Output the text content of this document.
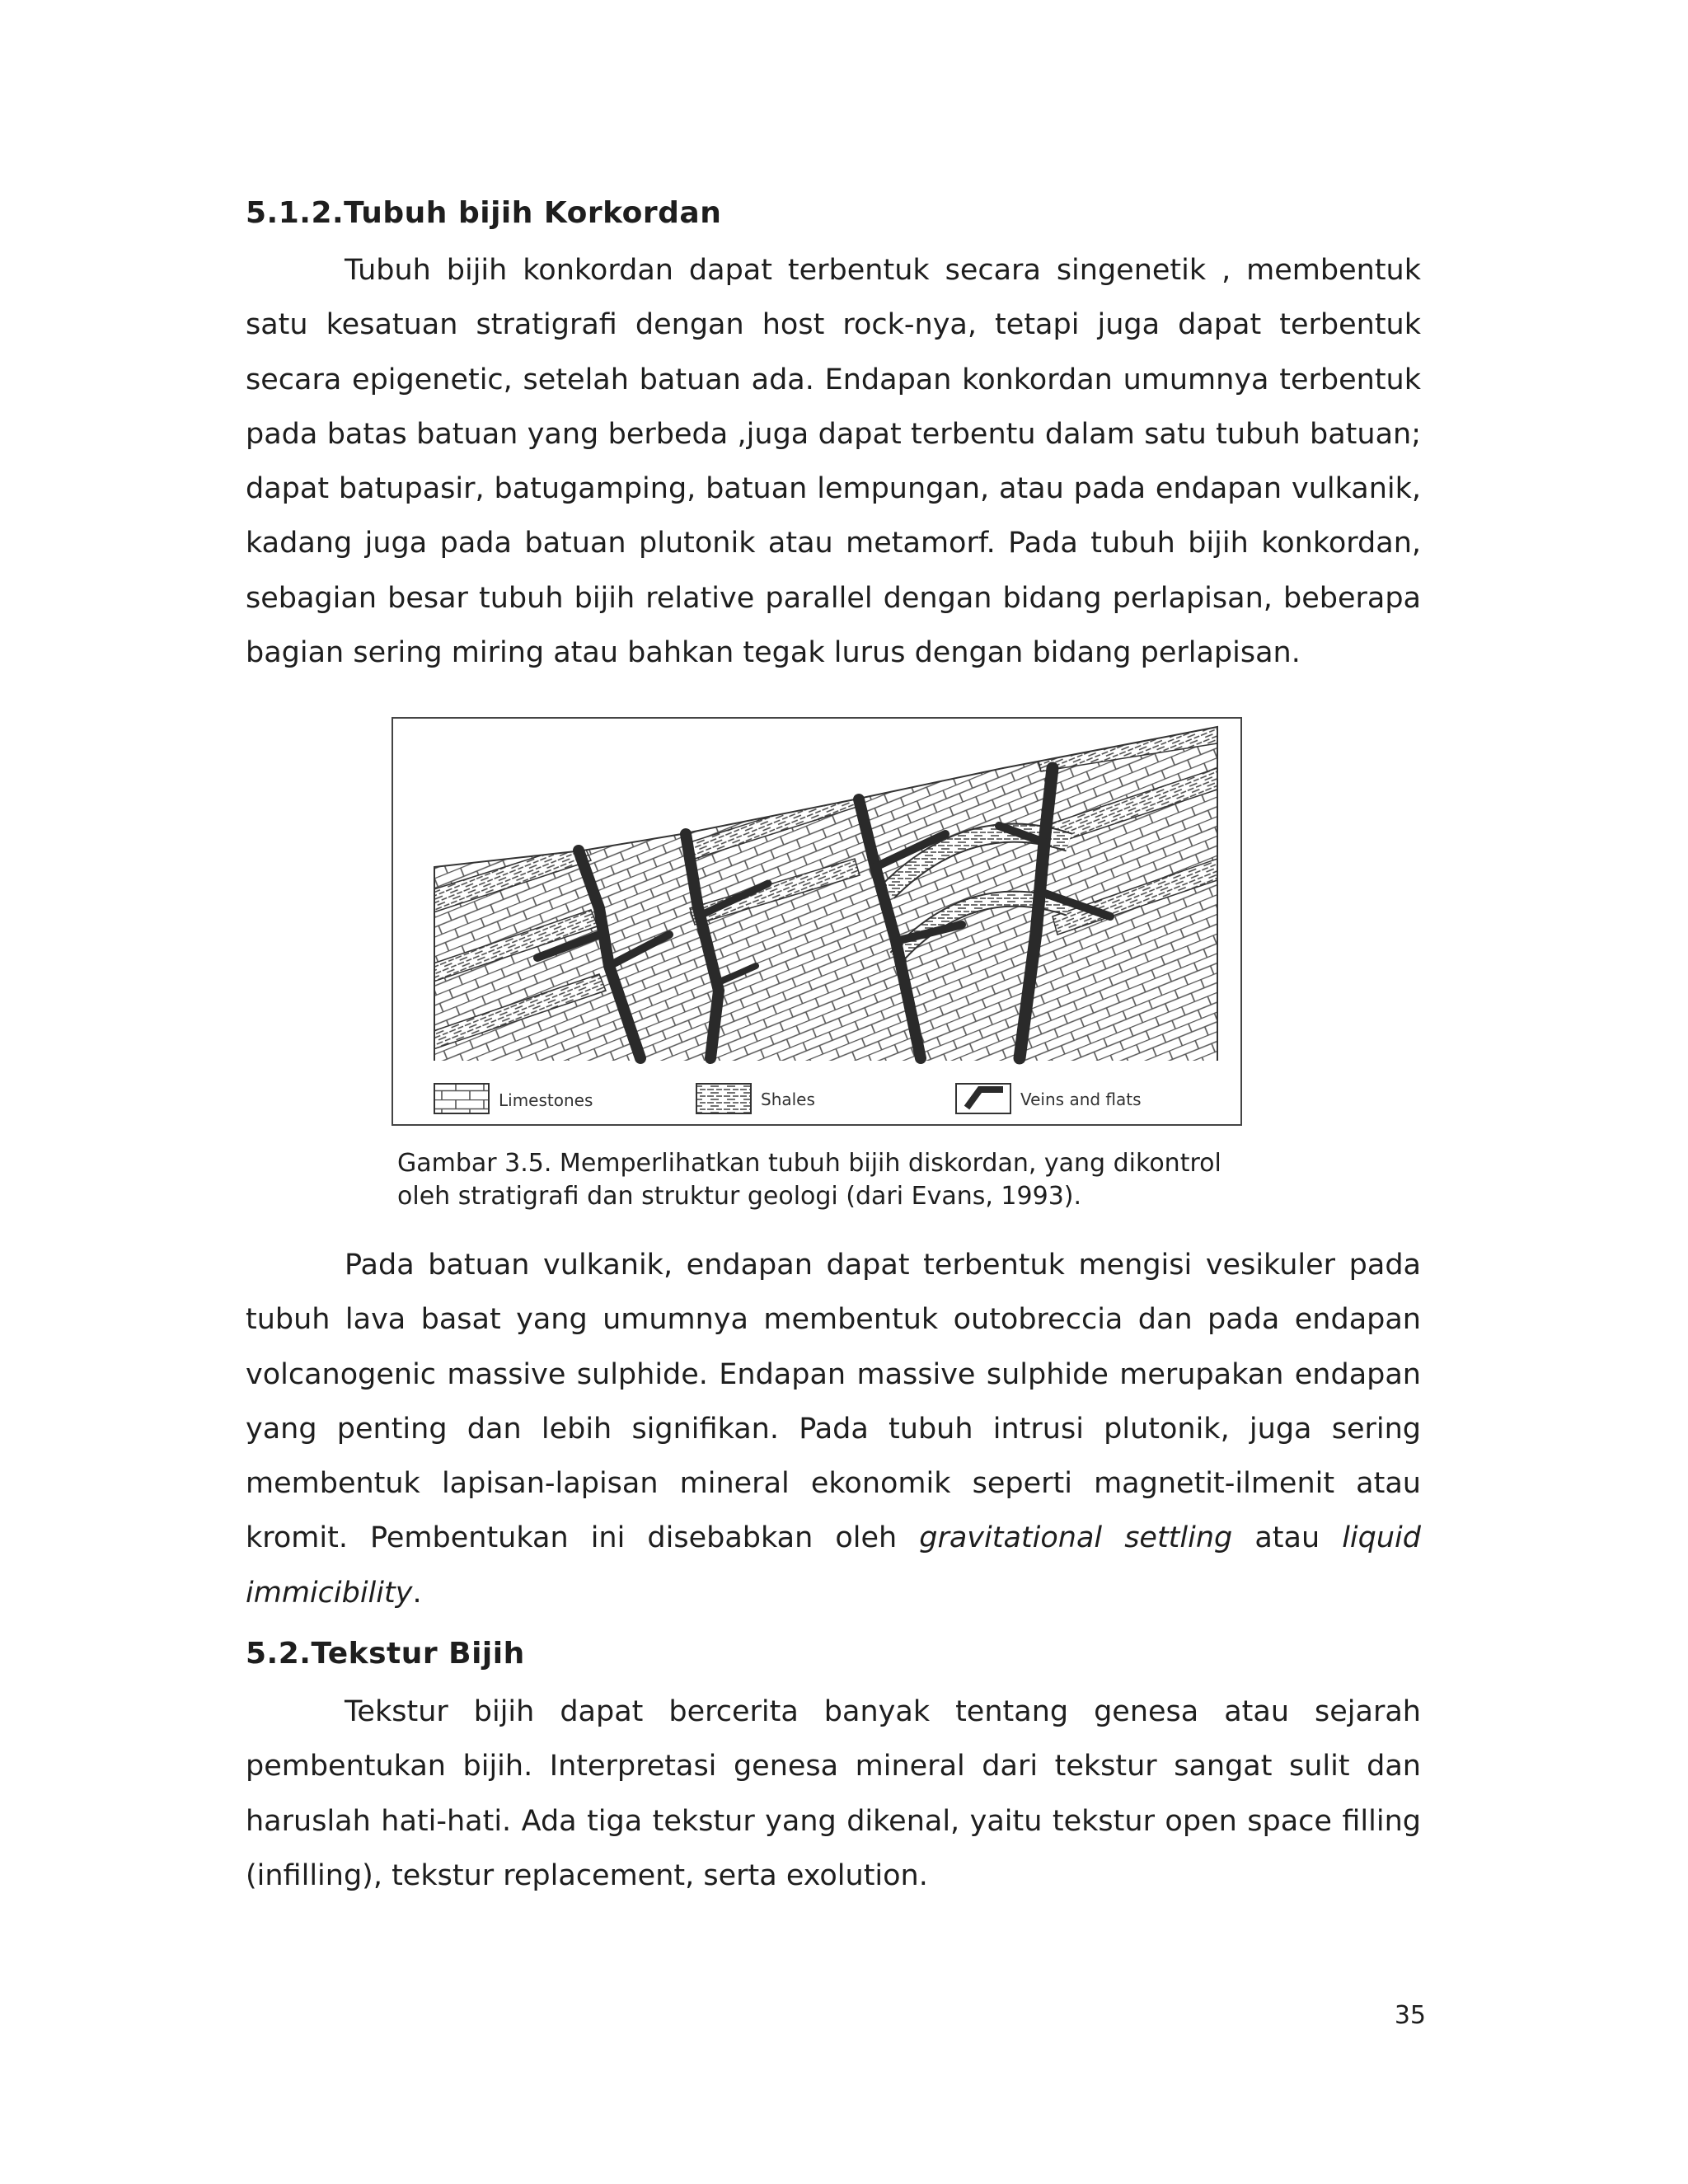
5.1.2.Tubuh bijih Korkordan

Tubuh bijih konkordan dapat terbentuk secara singenetik , membentuk satu kesatuan stratigrafi dengan host rock-nya, tetapi juga dapat terbentuk secara epigenetic, setelah batuan ada. Endapan konkordan umumnya terbentuk pada batas batuan yang berbeda ,juga dapat terbentu dalam satu tubuh batuan; dapat batupasir, batugamping, batuan lempungan, atau pada endapan vulkanik, kadang juga pada batuan plutonik atau metamorf. Pada tubuh bijih konkordan, sebagian besar tubuh bijih relative parallel dengan bidang perlapisan, beberapa bagian sering miring atau bahkan tegak lurus dengan bidang perlapisan.

Limestones	Shales	Veins and flats

Gambar 3.5. Memperlihatkan tubuh bijih diskordan, yang dikontrol
oleh stratigrafi dan struktur geologi (dari Evans, 1993).

Pada batuan vulkanik, endapan dapat terbentuk mengisi vesikuler pada tubuh lava basat yang umumnya membentuk outobreccia dan pada endapan volcanogenic massive sulphide. Endapan massive sulphide merupakan endapan yang penting dan lebih signifikan. Pada tubuh intrusi plutonik, juga sering membentuk lapisan-lapisan mineral ekonomik seperti magnetit-ilmenit atau kromit. Pembentukan ini disebabkan oleh gravitational settling atau liquid immicibility.

5.2.Tekstur Bijih

Tekstur bijih dapat bercerita banyak tentang genesa atau sejarah pembentukan bijih. Interpretasi genesa mineral dari tekstur sangat sulit dan haruslah hati-hati. Ada tiga tekstur yang dikenal, yaitu tekstur open space filling (infilling), tekstur replacement, serta exolution.

35
